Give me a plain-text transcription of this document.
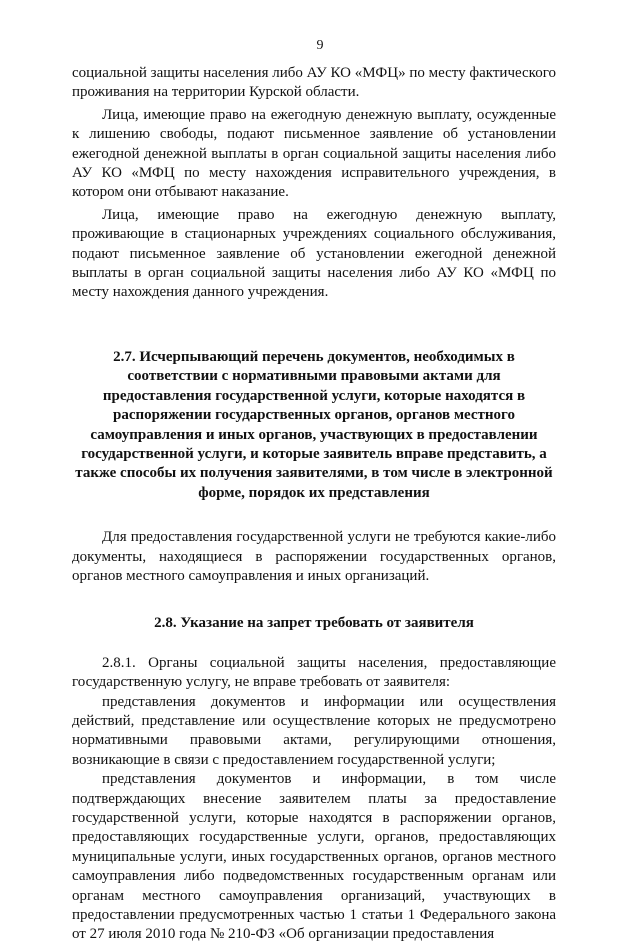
9

социальной защиты населения либо АУ КО «МФЦ» по месту фактического проживания на территории Курской области.

Лица, имеющие право на ежегодную денежную выплату, осужденные к лишению свободы, подают письменное заявление об установлении ежегодной денежной выплаты в орган социальной защиты населения либо АУ КО «МФЦ по месту нахождения исправительного учреждения, в котором они отбывают наказание.

Лица, имеющие право на ежегодную денежную выплату, проживающие в стационарных учреждениях социального обслуживания, подают письменное заявление об установлении ежегодной денежной выплаты в орган социальной защиты населения либо АУ КО «МФЦ по месту нахождения данного учреждения.

2.7. Исчерпывающий перечень документов, необходимых в соответствии с нормативными правовыми актами для предоставления государственной услуги, которые находятся в распоряжении государственных органов, органов местного самоуправления и иных органов, участвующих в предоставлении государственной услуги, и которые заявитель вправе представить, а также способы их получения заявителями, в том числе в электронной форме, порядок их представления

Для предоставления государственной услуги не требуются какие-либо документы, находящиеся в распоряжении государственных органов, органов местного самоуправления и иных организаций.

2.8. Указание на запрет требовать от заявителя

2.8.1. Органы социальной защиты населения, предоставляющие государственную услугу, не вправе требовать от заявителя:

представления документов и информации или осуществления действий, представление или осуществление которых не предусмотрено нормативными правовыми актами, регулирующими отношения, возникающие в связи с предоставлением государственной услуги;

представления документов и информации, в том числе подтверждающих внесение заявителем платы за предоставление государственной услуги, которые находятся в распоряжении органов, предоставляющих государственные услуги, органов, предоставляющих муниципальные услуги, иных государственных органов, органов местного самоуправления либо подведомственных государственным органам или органам местного самоуправления организаций, участвующих в предоставлении предусмотренных частью 1 статьи 1 Федерального закона от 27 июля 2010 года № 210-ФЗ «Об организации предоставления
